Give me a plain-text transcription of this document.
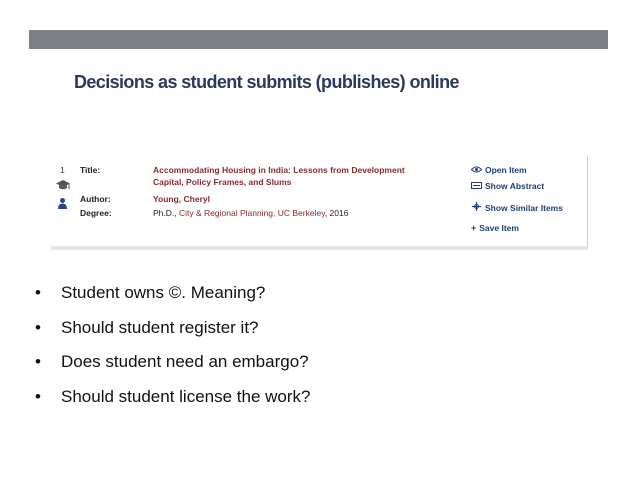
Decisions as student submits (publishes) online
1 Title:	Accommodating Housing in India: Lessons from Development
Capital, Policy Frames, and Slums
Author:	Young, Cheryl
Degree:	Ph.D., City & Regional Planning, UC Berkeley, 2016
Open Item
Show Abstract
Show Similar Items
+ Save Item
• Student owns ©. Meaning?
• Should student register it?
• Does student need an embargo?
• Should student license the work?
